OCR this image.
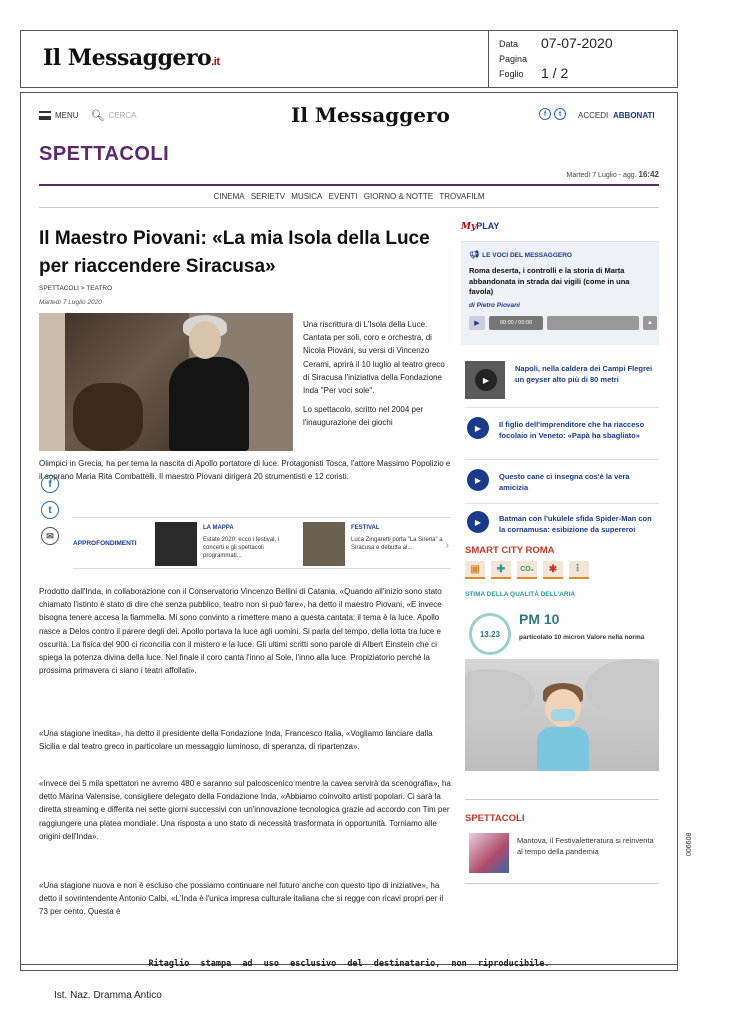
Il Messaggero.it
Data 07-07-2020
Pagina
Foglio 1 / 2
MENU 🔍︎ CERCA	Il Messaggero	f	t	ACCEDI ABBONATI
SPETTACOLI
Martedì 7 Luglio - agg. 16:42
CINEMA SERIETV MUSICA EVENTI GIORNO & NOTTE TROVAFILM
Il Maestro Piovani: «La mia Isola della Luce per riaccendere Siracusa»
SPETTACOLI > TEATRO
Martedì 7 Luglio 2020

Una riscrittura di L'Isola della Luce. Cantata per soli, coro e orchestra, di Nicola Piovani, su versi di Vincenzo Cerami, aprirà il 10 luglio al teatro greco di Siracusa l'iniziativa della Fondazione Inda "Per voci sole".

Lo spettacolo, scritto nel 2004 per l'inaugurazione dei giochi

Olimpici in Grecia, ha per tema la nascita di Apollo portatore di luce. Protagonisti Tosca, l'attore Massimo Popolizio e il soprano Maria Rita Combattelli. Il maestro Piovani dirigerà 20 strumentisti e 12 coristi.

f
t
✉
APPROFONDIMENTI
LA MAPPA
Estate 2020: ecco i festival, i concerti e gli spettacoli programmati...
FESTIVAL
Luca Zingaretti porta "La Sirena" a Siracusa e debutta al...	›

Prodotto dall'Inda, in collaborazione con il Conservatorio Vincenzo Bellini di Catania. «Quando all'inizio sono stato chiamato l'istinto è stato di dire che senza pubblico, teatro non si può fare», ha detto il maestro Piovani, «E invece bisogna tenere accesa la fiammella. Mi sono convinto a rimettere mano a questa cantata: il tema è la luce. Apollo nasce a Delos contro il parere degli dei. Apollo portava la luce agli uomini. Si parla del tempo, della lotta tra luce e oscurità. La fisica del 900 ci riconcilia con il mistero e la luce. Gli ultimi scritti sono parole di Albert Einstein che ci spiega la potenza divina della luce. Nel finale il coro canta l'inno al Sole, l'inno alla luce. Propiziatorio perchè la prossima primavera ci siano i teatri affollati».

«Una stagione inedita», ha detto il presidente della Fondazione Inda, Francesco Italia, «Vogliamo lanciare dalla Sicilia e dal teatro greco in particolare un messaggio luminoso, di speranza, di ripartenza».

«Invece dei 5 mila spettatori ne avremo 480 e saranno sul palcoscenico mentre la cavea servirà da scenografia», ha detto Marina Valensise, consigliere delegato della Fondazione Inda, «Abbiamo coinvolto artisti popolari. Ci sarà la diretta streaming e differita nei sette giorni successivi con un'innovazione tecnologica grazie ad accordo con Tim per raggiungere una platea mondiale. Una risposta a uno stato di necessità trasformata in opportunità. Torniamo alle origini dell'Inda».

«Una stagione nuova e non è escluso che possiamo continuare nel futuro anche con questo tipo di iniziative», ha detto il sovrintendente Antonio Calbi, «L'Inda è l'unica impresa culturale italiana che si regge con ricavi propri per il 73 per cento. Questa è

MyPLAY
📢︎ LE VOCI DEL MESSAGGERO
Roma deserta, i controlli e la storia di Marta abbandonata in strada dai vigili (come in una favola)
di Pietro Piovani
▶	00:00 / 00:00	▲
▶
Napoli, nella caldera dei Campi Flegrei un geyser alto più di 80 metri
▶	Il figlio dell'imprenditore che ha riacceso focolaio in Veneto: «Papà ha sbagliato»
▶	Questo cane ci insegna cos'è la vera amicizia
▶	Batman con l'ukulele sfida Spider-Man con la cornamusa: esibizione da supereroi
SMART CITY ROMA
▣	✚	CO₂	✱	⠇
STIMA DELLA QUALITÀ DELL'ARIA
13.23
PM 10
particolato 10 micron Valore nella norma
SPETTACOLI
Mantova, il Festivaletteratura si reinventa al tempo della pandemia	006608
Ritaglio stampa ad uso esclusivo del destinatario, non riproducibile.
Ist. Naz. Dramma Antico
